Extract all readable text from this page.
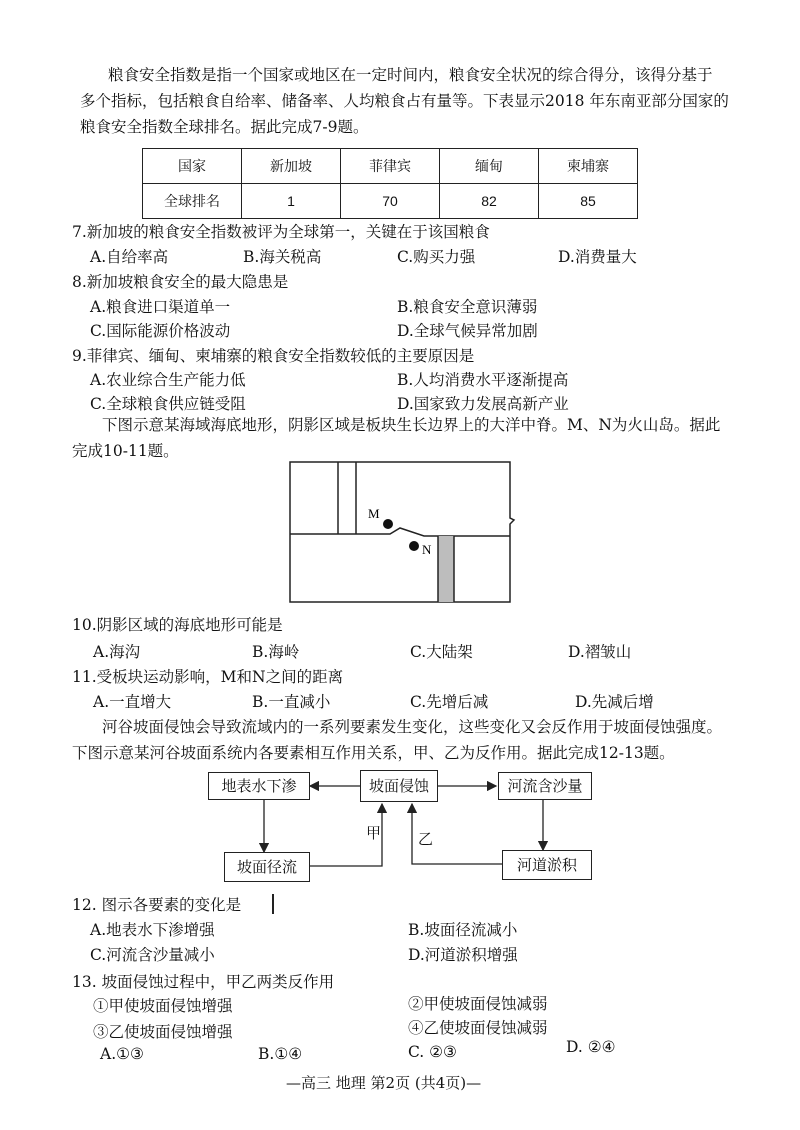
粮食安全指数是指一个国家或地区在一定时间内，粮食安全状况的综合得分，该得分基于
多个指标，包括粮食自给率、储备率、人均粮食占有量等。下表显示2018 年东南亚部分国家的
粮食安全指数全球排名。据此完成7-9题。
国家	新加坡	菲律宾	缅甸	柬埔寨
全球排名	1	70	82	85
7.新加坡的粮食安全指数被评为全球第一，关键在于该国粮食
A.自给率高	B.海关税高	C.购买力强	D.消费量大
8.新加坡粮食安全的最大隐患是
A.粮食进口渠道单一	B.粮食安全意识薄弱
C.国际能源价格波动	D.全球气候异常加剧
9.菲律宾、缅甸、柬埔寨的粮食安全指数较低的主要原因是
A.农业综合生产能力低	B.人均消费水平逐渐提高
C.全球粮食供应链受阻	D.国家致力发展高新产业
下图示意某海域海底地形，阴影区域是板块生长边界上的大洋中脊。M、N为火山岛。据此
完成10-11题。
M
N
10.阴影区域的海底地形可能是
A.海沟	B.海岭	C.大陆架	D.褶皱山
11.受板块运动影响，M和N之间的距离
A.一直增大	B.一直减小	C.先增后减	D.先减后增
河谷坡面侵蚀会导致流域内的一系列要素发生变化，这些变化又会反作用于坡面侵蚀强度。
下图示意某河谷坡面系统内各要素相互作用关系，甲、乙为反作用。据此完成12-13题。
地表水下渗	坡面侵蚀	河流含沙量
坡面径流	河道淤积
甲 乙
12. 图示各要素的变化是
A.地表水下渗增强	B.坡面径流减小
C.河流含沙量减小	D.河道淤积增强
13. 坡面侵蚀过程中，甲乙两类反作用
①甲使坡面侵蚀增强	②甲使坡面侵蚀减弱
③乙使坡面侵蚀增强	④乙使坡面侵蚀减弱
A.①③	B.①④	C. ②③	D. ②④
—高三 地理 第2页 (共4页)—
